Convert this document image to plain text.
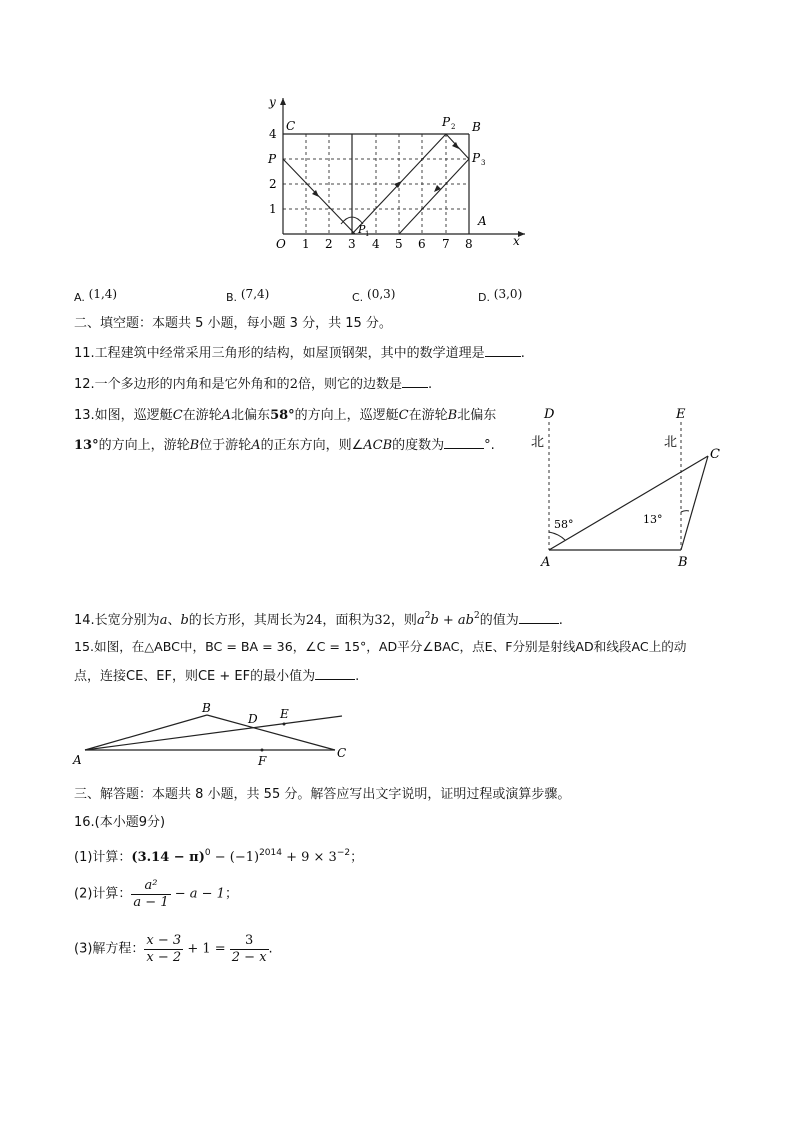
y
x
4
P
2
1
O 1 2 3 4 5 6 7 8
C	B
A
P 1
P 2
P 3
A. (1,4)	B. (7,4)	C. (0,3)	D. (3,0)
二、填空题：本题共 5 小题，每小题 3 分，共 15 分。
11.工程建筑中经常采用三角形的结构，如屋顶钢架，其中的数学道理是	.
12.一个多边形的内角和是它外角和的2倍，则它的边数是 .
13.如图，巡逻艇C在游轮A北偏东58°的方向上，巡逻艇C在游轮B北偏东
13°的方向上，游轮B位于游轮A的正东方向，则∠ACB的度数为	°.
D	E
C
A	B
北	北
58°	13°
14.长宽分别为a、b的长方形，其周长为24，面积为32，则$a^2b + ab^2$的值为	.
15.如图，在△ABC中，BC = BA = 36，∠C = 15°，AD平分∠BAC，点E、F分别是射线AD和线段AC上的动
点，连接CE、EF，则CE + EF的最小值为	.
A
B
C
D E
F
三、解答题：本题共 8 小题，共 55 分。解答应写出文字说明，证明过程或演算步骤。
16.(本小题9分)
(1)计算：$(3.14 - \pi)^0 - (-1)^{2014} + 9 \times 3^{-2}$；
(2)计算： $\frac{\text{a²}}{a - 1} - a - 1$；
(3)解方程： $\frac{x - 3}{x - 2} + 1 = \frac{3}{2 - x}$ .
